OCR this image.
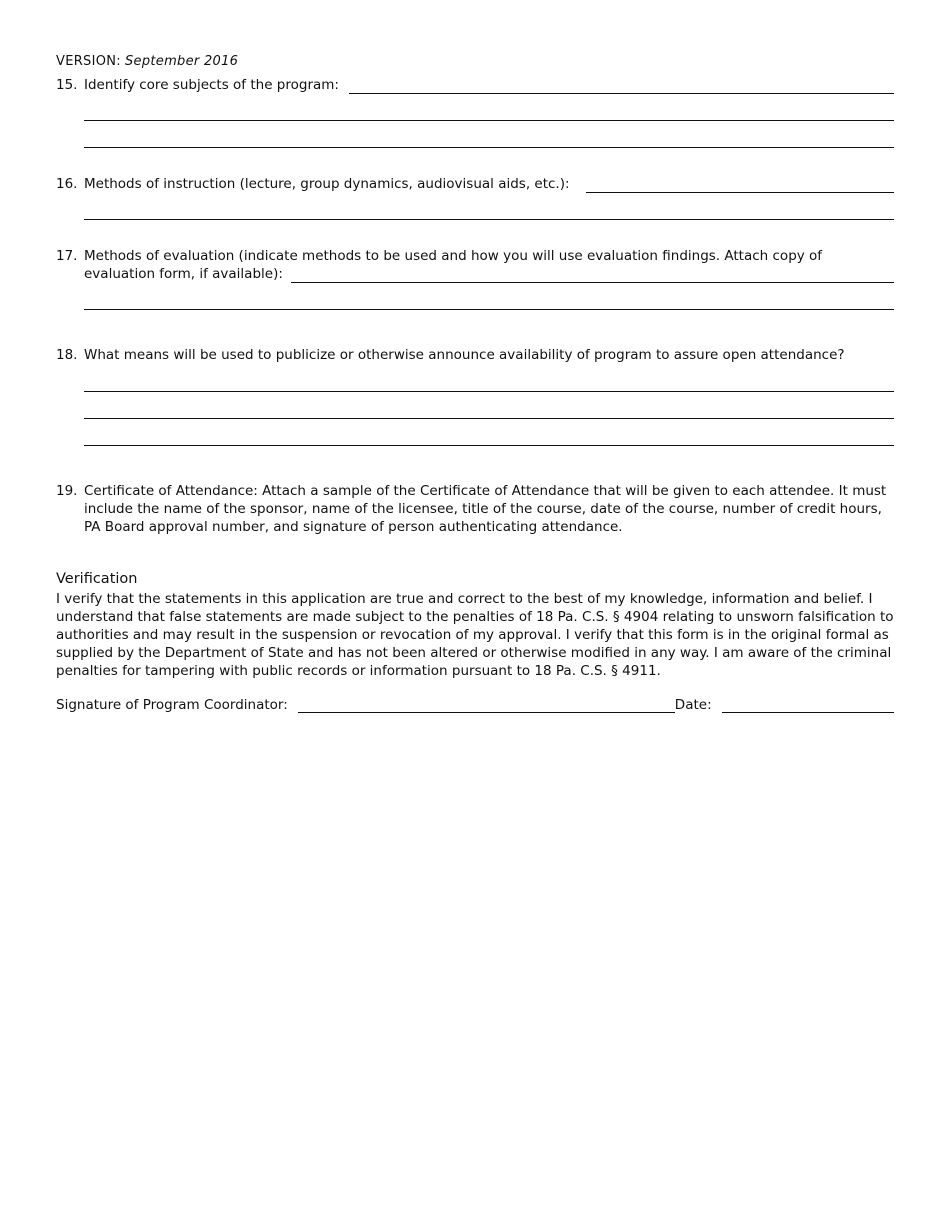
VERSION: September 2016
15. Identify core subjects of the program:
16. Methods of instruction (lecture, group dynamics, audiovisual aids, etc.):
17. Methods of evaluation (indicate methods to be used and how you will use evaluation findings. Attach copy of
evaluation form, if available):
18. What means will be used to publicize or otherwise announce availability of program to assure open attendance?
19. Certificate of Attendance: Attach a sample of the Certificate of Attendance that will be given to each attendee. It must include the name of the sponsor, name of the licensee, title of the course, date of the course, number of credit hours, PA Board approval number, and signature of person authenticating attendance.
Verification
I verify that the statements in this application are true and correct to the best of my knowledge, information and belief. I understand that false statements are made subject to the penalties of 18 Pa. C.S. § 4904 relating to unsworn falsification to authorities and may result in the suspension or revocation of my approval. I verify that this form is in the original formal as supplied by the Department of State and has not been altered or otherwise modified in any way. I am aware of the criminal penalties for tampering with public records or information pursuant to 18 Pa. C.S. § 4911.
Signature of Program Coordinator:	Date:
